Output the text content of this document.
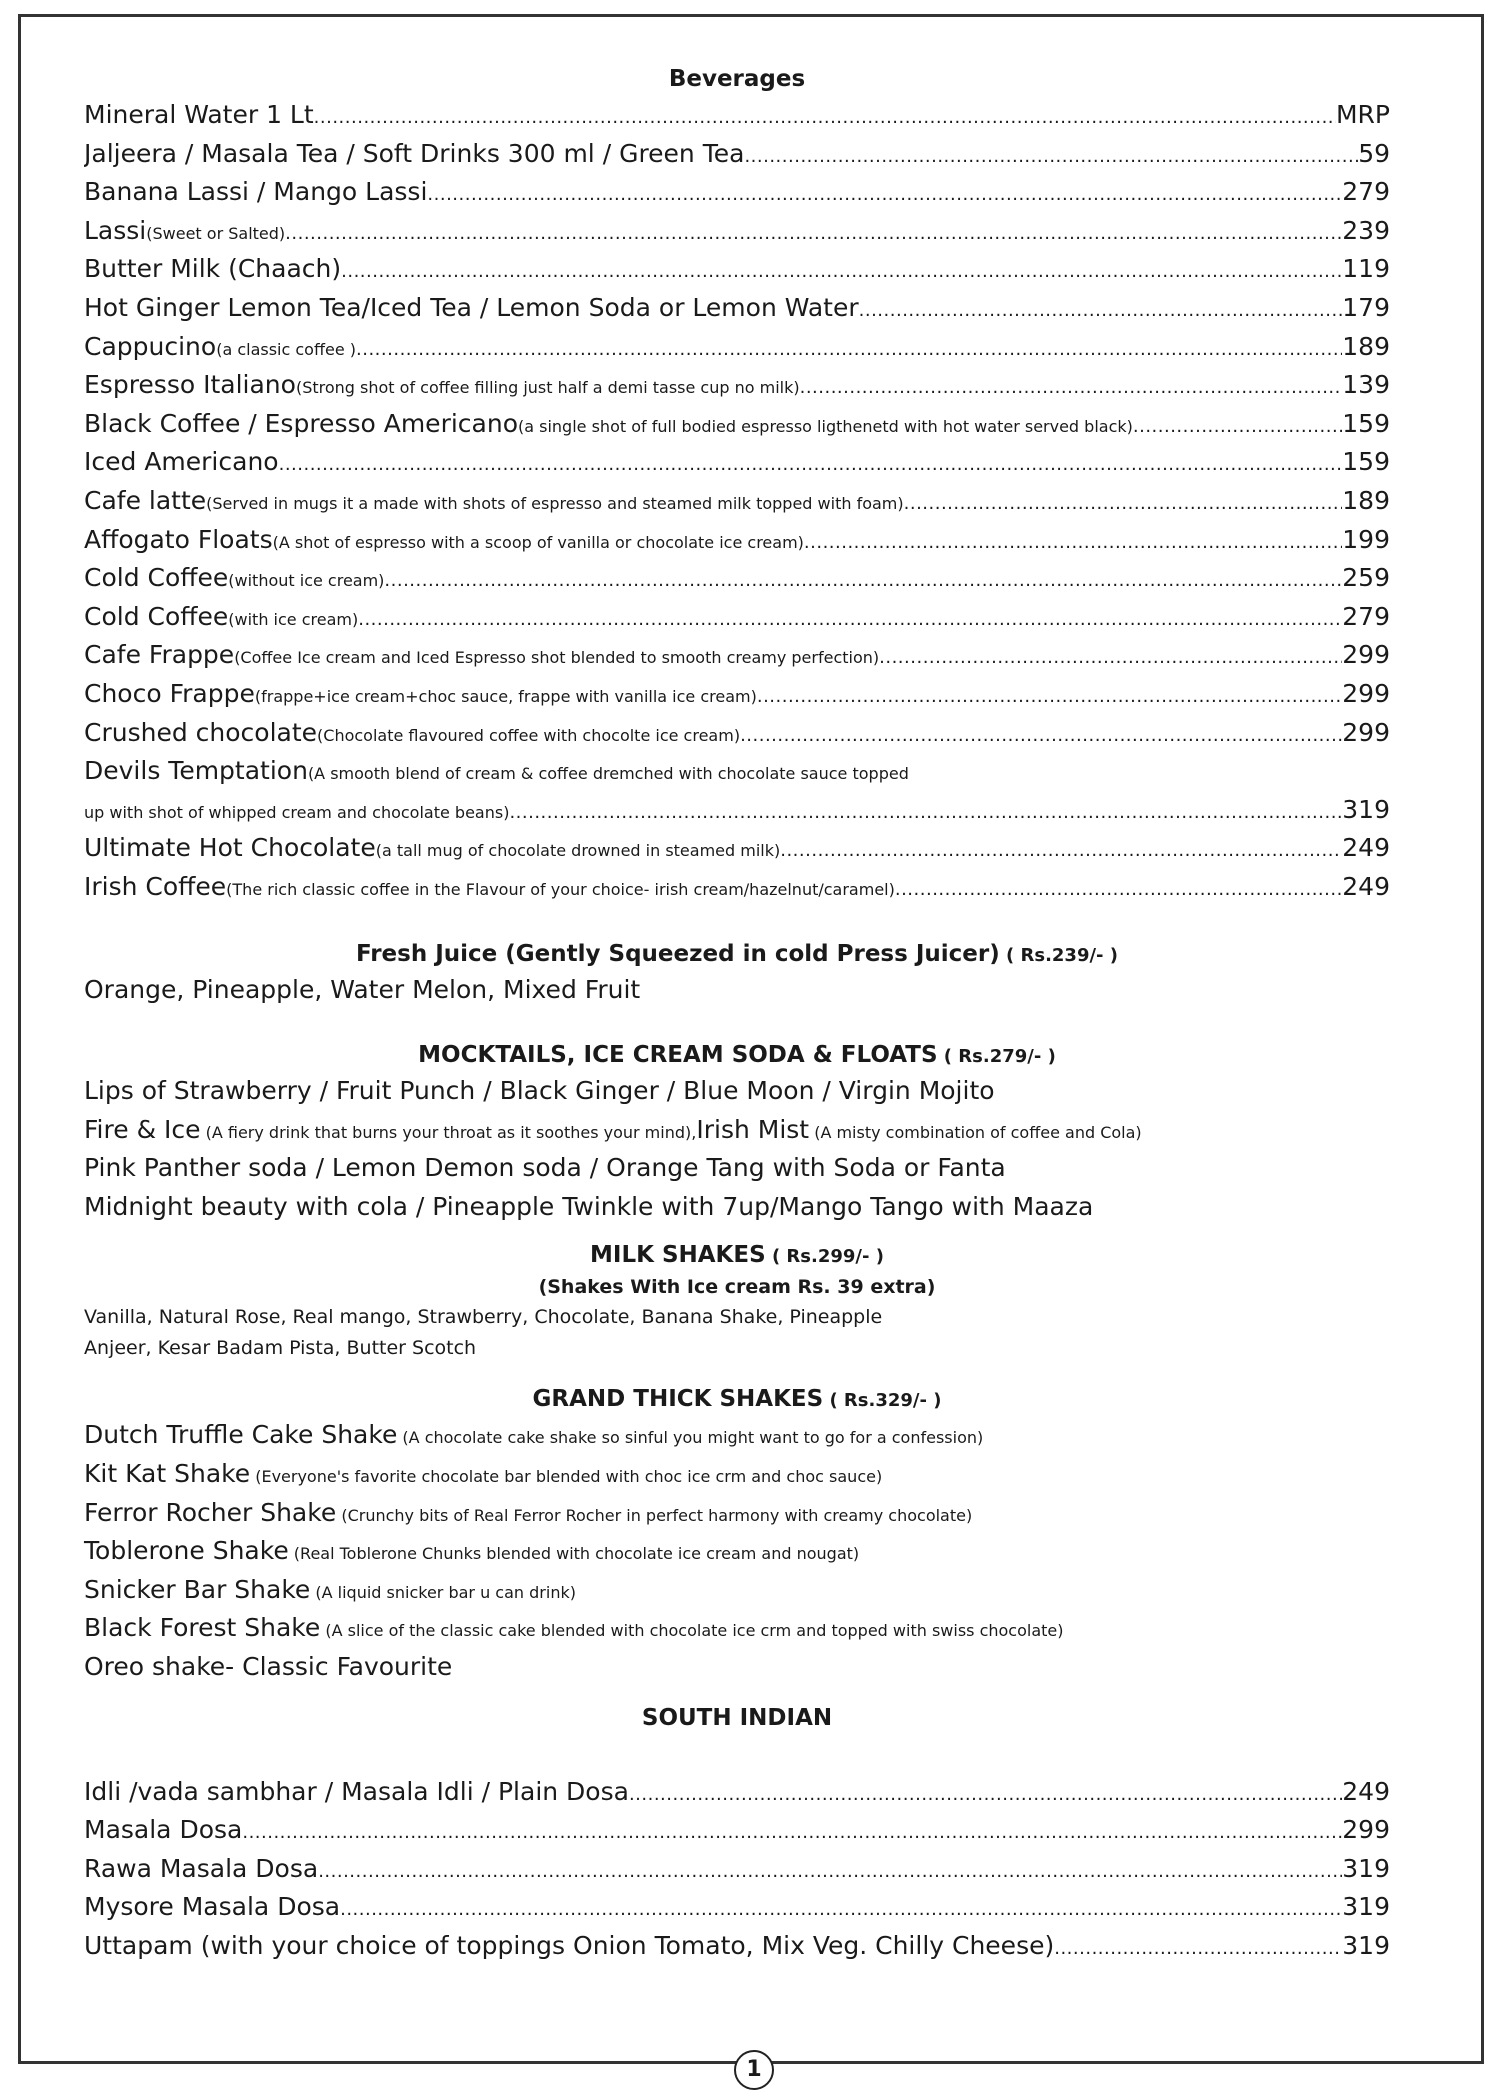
Beverages
Mineral Water 1 Lt .....	MRP
Jaljeera / Masala Tea / Soft Drinks 300 ml / Green Tea .....	59
Banana Lassi / Mango Lassi .....	279
Lassi (Sweet or Salted) .....	239
Butter Milk (Chaach) .....	119
Hot Ginger Lemon Tea/Iced Tea / Lemon Soda or Lemon Water .....	179
Cappucino (a classic coffee ) .....	189
Espresso Italiano (Strong shot of coffee filling just half a demi tasse cup no milk) .....	139
Black Coffee / Espresso Americano (a single shot of full bodied espresso ligthenetd with hot water served black) .....	159
Iced Americano .....	159
Cafe latte (Served in mugs it a made with shots of espresso and steamed milk topped with foam) .....	189
Affogato Floats (A shot of espresso with a scoop of vanilla or chocolate ice cream) .....	199
Cold Coffee (without ice cream) .....	259
Cold Coffee (with ice cream) .....	279
Cafe Frappe (Coffee Ice cream and Iced Espresso shot blended to smooth creamy perfection) .....	299
Choco Frappe (frappe+ice cream+choc sauce, frappe with vanilla ice cream) .....	299
Crushed chocolate (Chocolate flavoured coffee with chocolte ice cream) .....	299
Devils Temptation (A smooth blend of cream & coffee dremched with chocolate sauce topped
up with shot of whipped cream and chocolate beans) .....	319
Ultimate Hot Chocolate (a tall mug of chocolate drowned in steamed milk) .....	249
Irish Coffee (The rich classic coffee in the Flavour of your choice- irish cream/hazelnut/caramel) .....	249
Fresh Juice (Gently Squeezed in cold Press Juicer) ( Rs.239/- )
Orange, Pineapple, Water Melon, Mixed Fruit
MOCKTAILS, ICE CREAM SODA & FLOATS ( Rs.279/- )
Lips of Strawberry / Fruit Punch / Black Ginger / Blue Moon / Virgin Mojito
Fire & Ice (A fiery drink that burns your throat as it soothes your mind),Irish Mist (A misty combination of coffee and Cola)
Pink Panther soda / Lemon Demon soda / Orange Tang with Soda or Fanta
Midnight beauty with cola / Pineapple Twinkle with 7up/Mango Tango with Maaza
MILK SHAKES ( Rs.299/- )
(Shakes With Ice cream Rs. 39 extra)
Vanilla, Natural Rose, Real mango, Strawberry, Chocolate, Banana Shake, Pineapple
Anjeer, Kesar Badam Pista, Butter Scotch
GRAND THICK SHAKES ( Rs.329/- )
Dutch Truffle Cake Shake (A chocolate cake shake so sinful you might want to go for a confession)
Kit Kat Shake (Everyone's favorite chocolate bar blended with choc ice crm and choc sauce)
Ferror Rocher Shake (Crunchy bits of Real Ferror Rocher in perfect harmony with creamy chocolate)
Toblerone Shake (Real Toblerone Chunks blended with chocolate ice cream and nougat)
Snicker Bar Shake (A liquid snicker bar u can drink)
Black Forest Shake (A slice of the classic cake blended with chocolate ice crm and topped with swiss chocolate)
Oreo shake- Classic Favourite
SOUTH INDIAN
Idli /vada sambhar / Masala Idli / Plain Dosa .....	249
Masala Dosa .....	299
Rawa Masala Dosa .....	319
Mysore Masala Dosa .....	319
Uttapam (with your choice of toppings Onion Tomato, Mix Veg. Chilly Cheese) .....	319
1
